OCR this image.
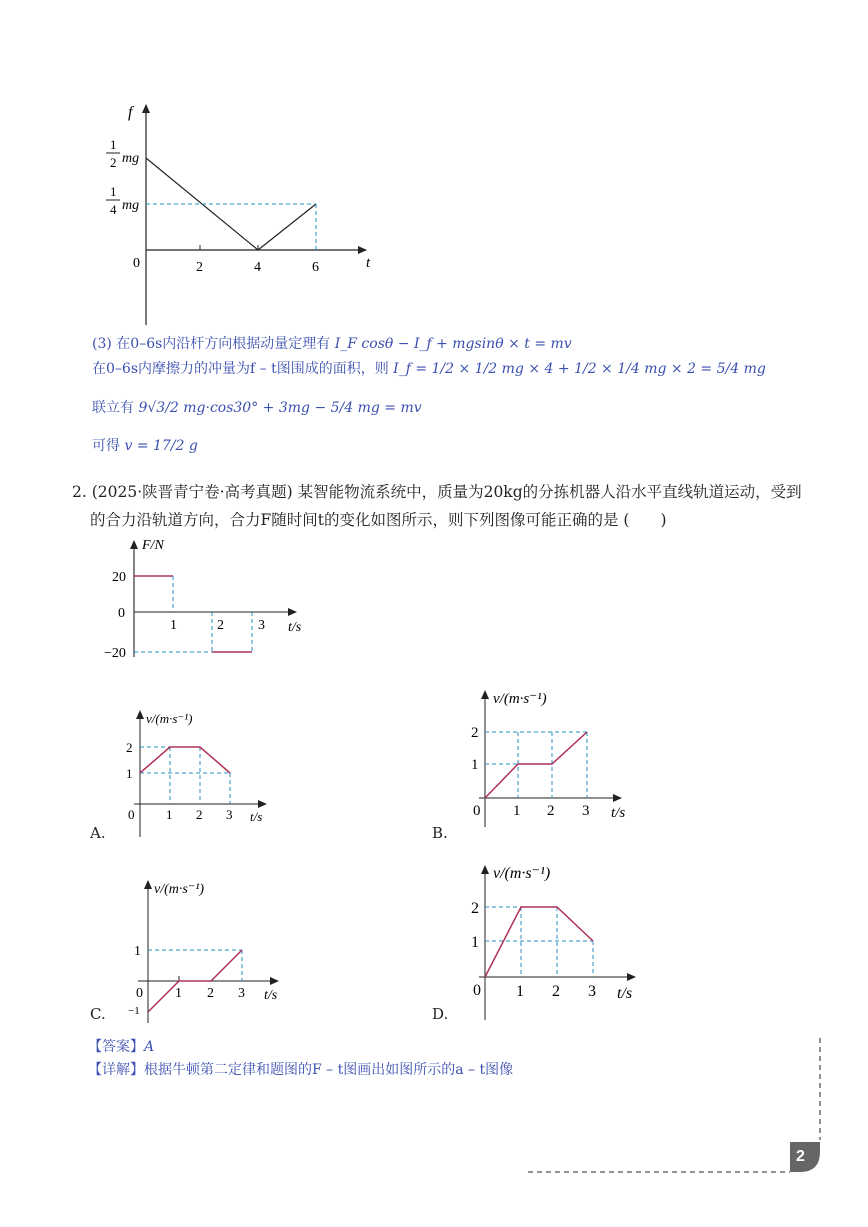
f
t
0	2	4	6
1
2 mg
1
4 mg
(3) 在0–6s内沿杆方向根据动量定理有 I_F cosθ − I_f + mgsinθ × t = mv
在0–6s内摩擦力的冲量为f – t图围成的面积，则 I_f = 1/2 × 1/2 mg × 4 + 1/2 × 1/4 mg × 2 = 5/4 mg
联立有 9√3/2 mg·cos30° + 3mg − 5/4 mg = mv
可得 v = 17/2 g
2. (2025·陕晋青宁卷·高考真题) 某智能物流系统中，质量为20kg的分拣机器人沿水平直线轨道运动，受到
的合力沿轨道方向，合力F随时间t的变化如图所示，则下列图像可能正确的是 (　　)
F/N
t/s
20
0
−20
1	2 3
v/(m·s⁻¹)
t/s
2
1
0 1 2 3
A.
v/(m·s⁻¹)
t/s
2
1
0 1 2 3
B.
v/(m·s⁻¹)
t/s
1
−1
0 1 2 3
C.
v/(m·s⁻¹)
t/s
2
1
0 1 2 3
D.
【答案】A
【详解】根据牛顿第二定律和题图的F – t图画出如图所示的a – t图像
2
